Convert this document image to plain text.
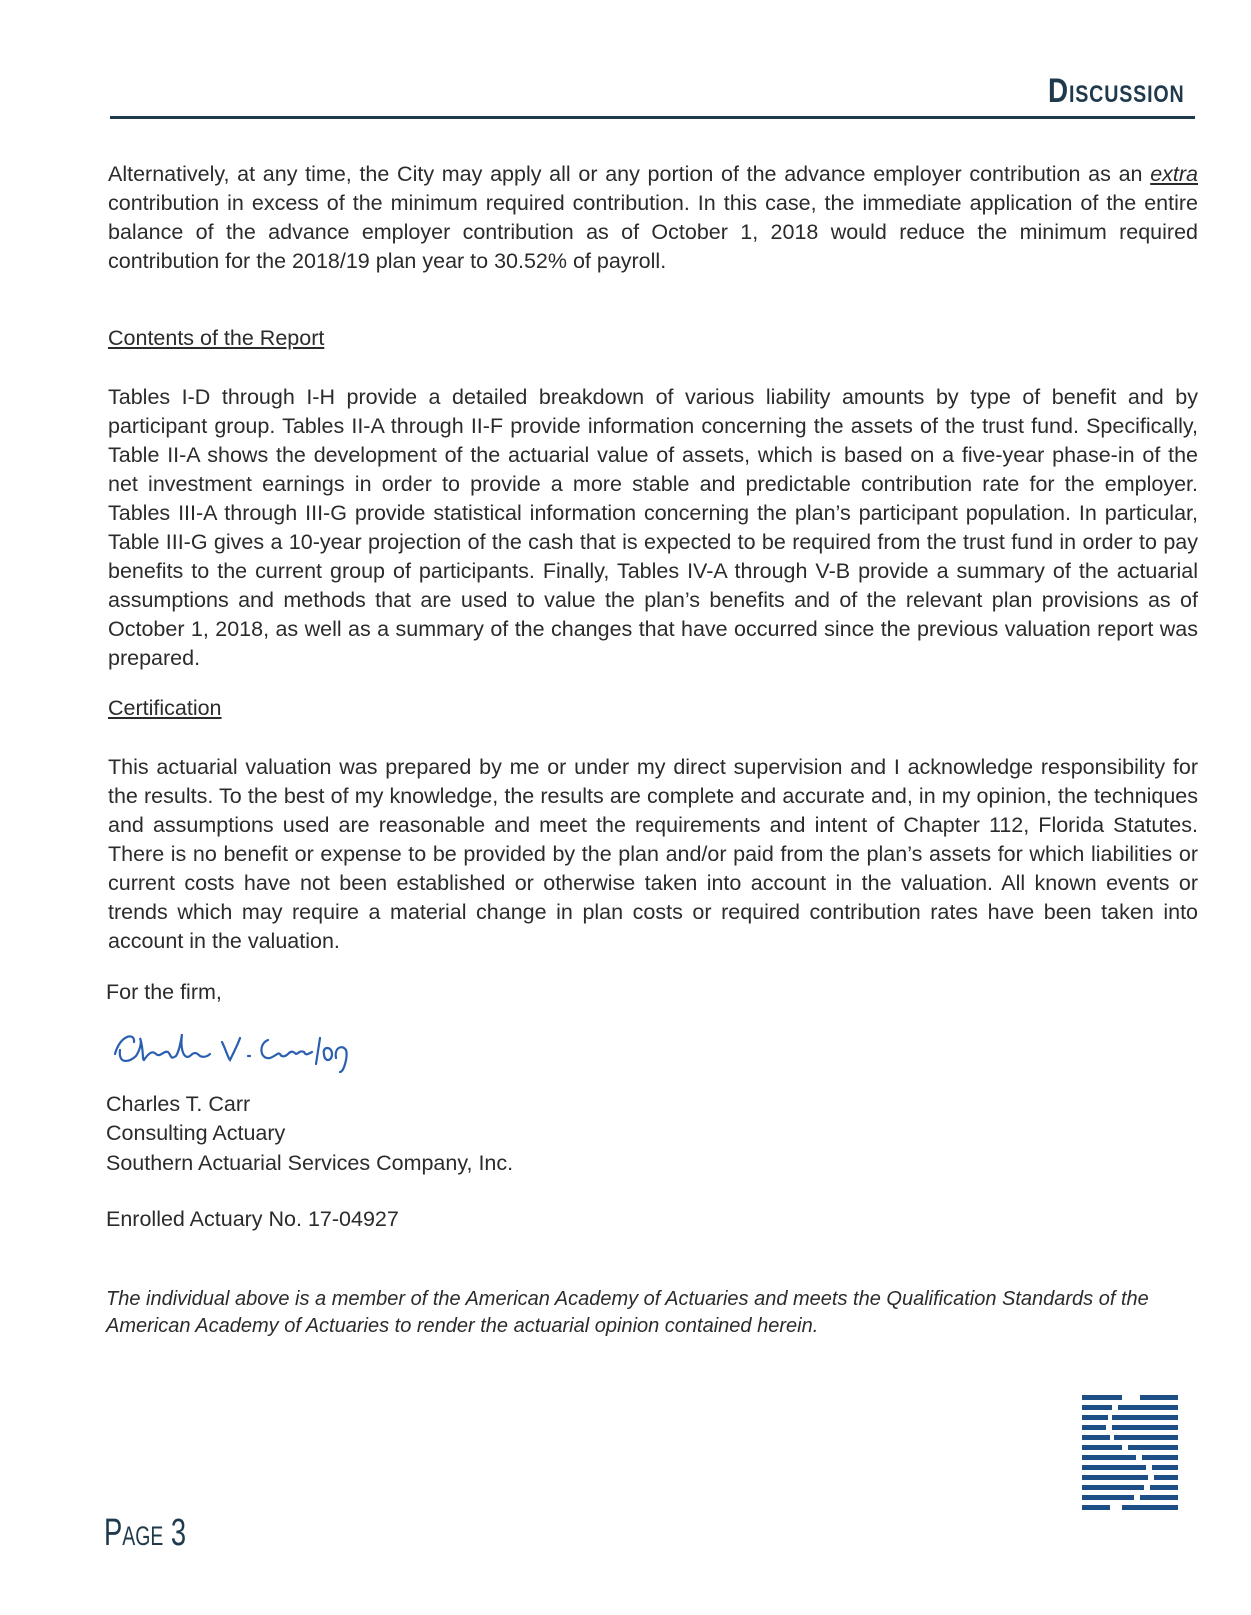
Discussion
Alternatively, at any time, the City may apply all or any portion of the advance employer contribution as an extra contribution in excess of the minimum required contribution. In this case, the immediate application of the entire balance of the advance employer contribution as of October 1, 2018 would reduce the minimum required contribution for the 2018/19 plan year to 30.52% of payroll.
Contents of the Report
Tables I-D through I-H provide a detailed breakdown of various liability amounts by type of benefit and by participant group. Tables II-A through II-F provide information concerning the assets of the trust fund. Specifically, Table II-A shows the development of the actuarial value of assets, which is based on a five-year phase-in of the net investment earnings in order to provide a more stable and predictable contribution rate for the employer. Tables III-A through III-G provide statistical information concerning the plan’s participant population. In particular, Table III-G gives a 10-year projection of the cash that is expected to be required from the trust fund in order to pay benefits to the current group of participants. Finally, Tables IV-A through V-B provide a summary of the actuarial assumptions and methods that are used to value the plan’s benefits and of the relevant plan provisions as of October 1, 2018, as well as a summary of the changes that have occurred since the previous valuation report was prepared.
Certification
This actuarial valuation was prepared by me or under my direct supervision and I acknowledge responsibility for the results. To the best of my knowledge, the results are complete and accurate and, in my opinion, the techniques and assumptions used are reasonable and meet the requirements and intent of Chapter 112, Florida Statutes. There is no benefit or expense to be provided by the plan and/or paid from the plan’s assets for which liabilities or current costs have not been established or otherwise taken into account in the valuation. All known events or trends which may require a material change in plan costs or required contribution rates have been taken into account in the valuation.
For the firm,
Charles T. Carr
Consulting Actuary
Southern Actuarial Services Company, Inc.
Enrolled Actuary No. 17-04927
The individual above is a member of the American Academy of Actuaries and meets the Qualification Standards of the American Academy of Actuaries to render the actuarial opinion contained herein.
Page 3
